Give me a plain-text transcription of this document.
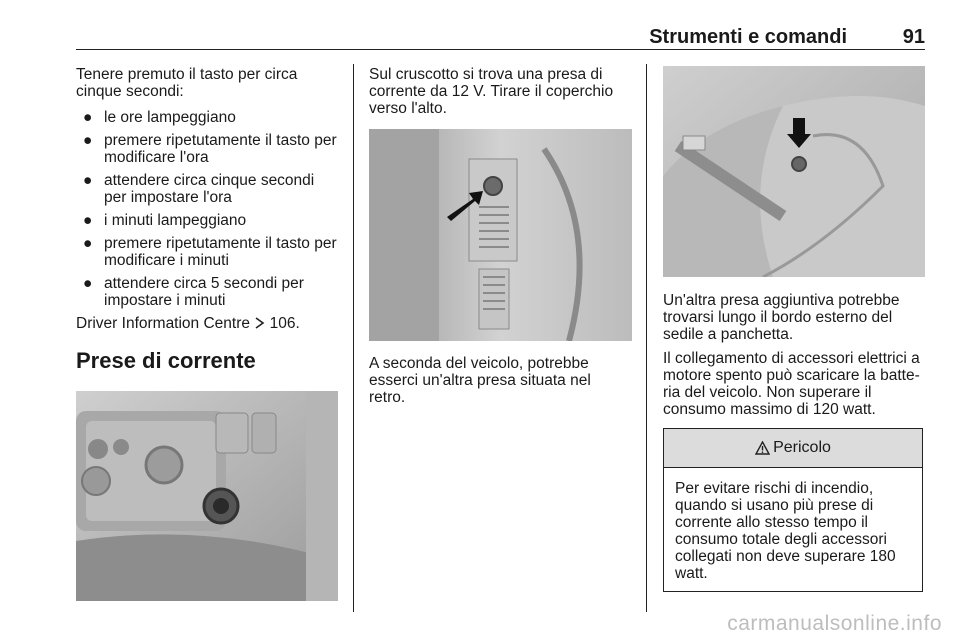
Strumenti e comandi	91

Tenere premuto il tasto per circa cinque secondi:

● le ore lampeggiano
● premere ripetutamente il tasto per modificare l'ora
● attendere circa cinque secondi per impostare l'ora
● i minuti lampeggiano
● premere ripetutamente il tasto per modificare i minuti
● attendere circa 5 secondi per impostare i minuti

Driver Information Centre 106.

Prese di corrente

Sul cruscotto si trova una presa di corrente da 12 V. Tirare il coperchio verso l'alto.

A seconda del veicolo, potrebbe esserci un'altra presa situata nel retro.

Un'altra presa aggiuntiva potrebbe trovarsi lungo il bordo esterno del sedile a panchetta.

Il collegamento di accessori elettrici a motore spento può scaricare la batte-ria del veicolo. Non superare il consumo massimo di 120 watt.

Pericolo
Per evitare rischi di incendio, quando si usano più prese di corrente allo stesso tempo il consumo totale degli accessori collegati non deve superare 180 watt.
carmanualsonline.info
